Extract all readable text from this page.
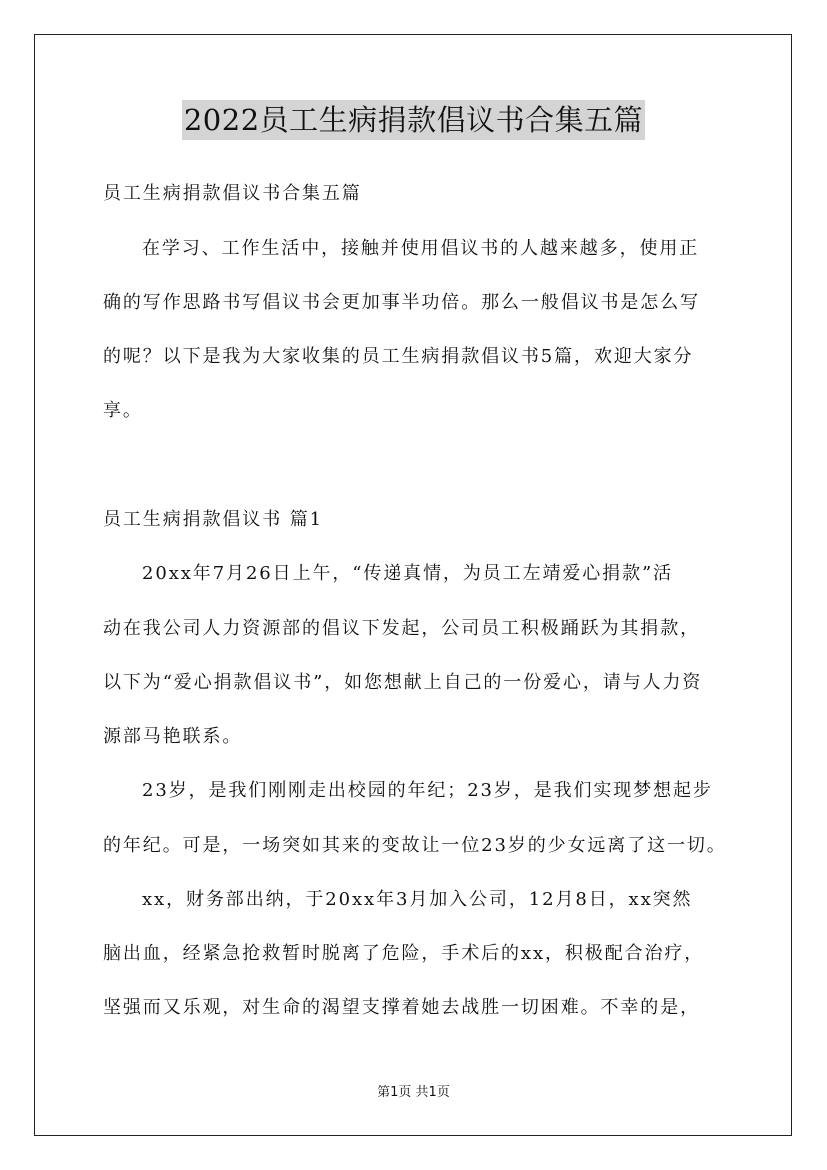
2022员工生病捐款倡议书合集五篇
员工生病捐款倡议书合集五篇
在学习、工作生活中，接触并使用倡议书的人越来越多，使用正
确的写作思路书写倡议书会更加事半功倍。那么一般倡议书是怎么写
的呢？以下是我为大家收集的员工生病捐款倡议书5篇，欢迎大家分
享。
员工生病捐款倡议书 篇1
20xx年7月26日上午，“传递真情，为员工左靖爱心捐款”活
动在我公司人力资源部的倡议下发起，公司员工积极踊跃为其捐款，
以下为“爱心捐款倡议书”，如您想献上自己的一份爱心，请与人力资
源部马艳联系。
23岁，是我们刚刚走出校园的年纪；23岁，是我们实现梦想起步
的年纪。可是，一场突如其来的变故让一位23岁的少女远离了这一切。
xx，财务部出纳，于20xx年3月加入公司，12月8日，xx突然
脑出血，经紧急抢救暂时脱离了危险，手术后的xx，积极配合治疗，
坚强而又乐观，对生命的渴望支撑着她去战胜一切困难。不幸的是，
第1页 共1页
